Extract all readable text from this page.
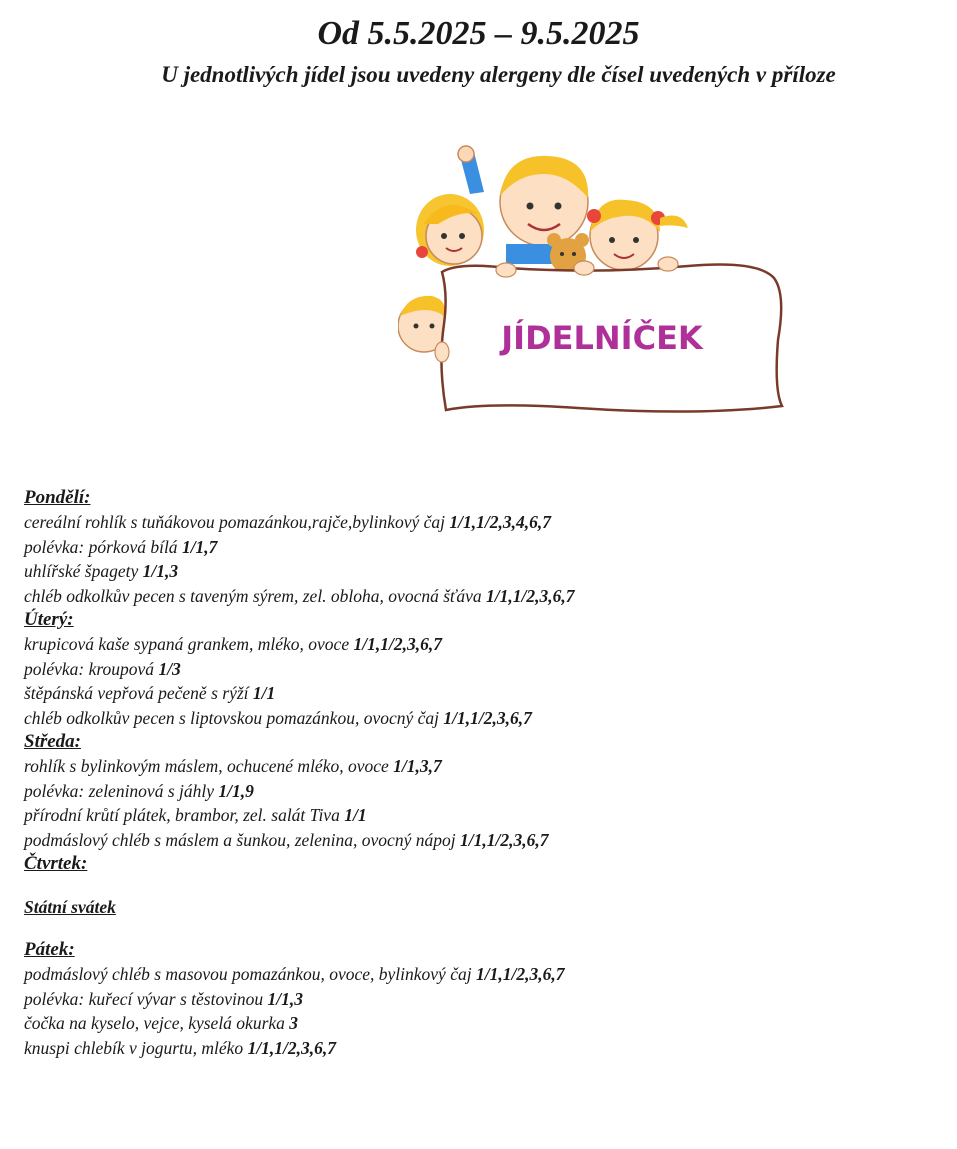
Od 5.5.2025 – 9.5.2025
U jednotlivých jídel jsou uvedeny alergeny dle čísel uvedených v příloze
JÍDELNÍČEK

Pondělí:

cereální rohlík s tuňákovou pomazánkou,rajče,bylinkový čaj 1/1,1/2,3,4,6,7

polévka: pórková bílá 1/1,7

uhlířské špagety 1/1,3

chléb odkolkův pecen s taveným sýrem, zel. obloha, ovocná šťáva 1/1,1/2,3,6,7

Úterý:

krupicová kaše sypaná grankem, mléko, ovoce 1/1,1/2,3,6,7

polévka: kroupová 1/3

štěpánská vepřová pečeně s rýží 1/1

chléb odkolkův pecen s liptovskou pomazánkou, ovocný čaj 1/1,1/2,3,6,7

Středa:

rohlík s bylinkovým máslem, ochucené mléko, ovoce 1/1,3,7

polévka: zeleninová s jáhly 1/1,9

přírodní krůtí plátek, brambor, zel. salát Tiva 1/1

podmáslový chléb s máslem a šunkou, zelenina, ovocný nápoj 1/1,1/2,3,6,7

Čtvrtek:

Státní svátek

Pátek:

podmáslový chléb s masovou pomazánkou, ovoce, bylinkový čaj 1/1,1/2,3,6,7

polévka: kuřecí vývar s těstovinou 1/1,3

čočka na kyselo, vejce, kyselá okurka 3

knuspi chlebík v jogurtu, mléko 1/1,1/2,3,6,7
